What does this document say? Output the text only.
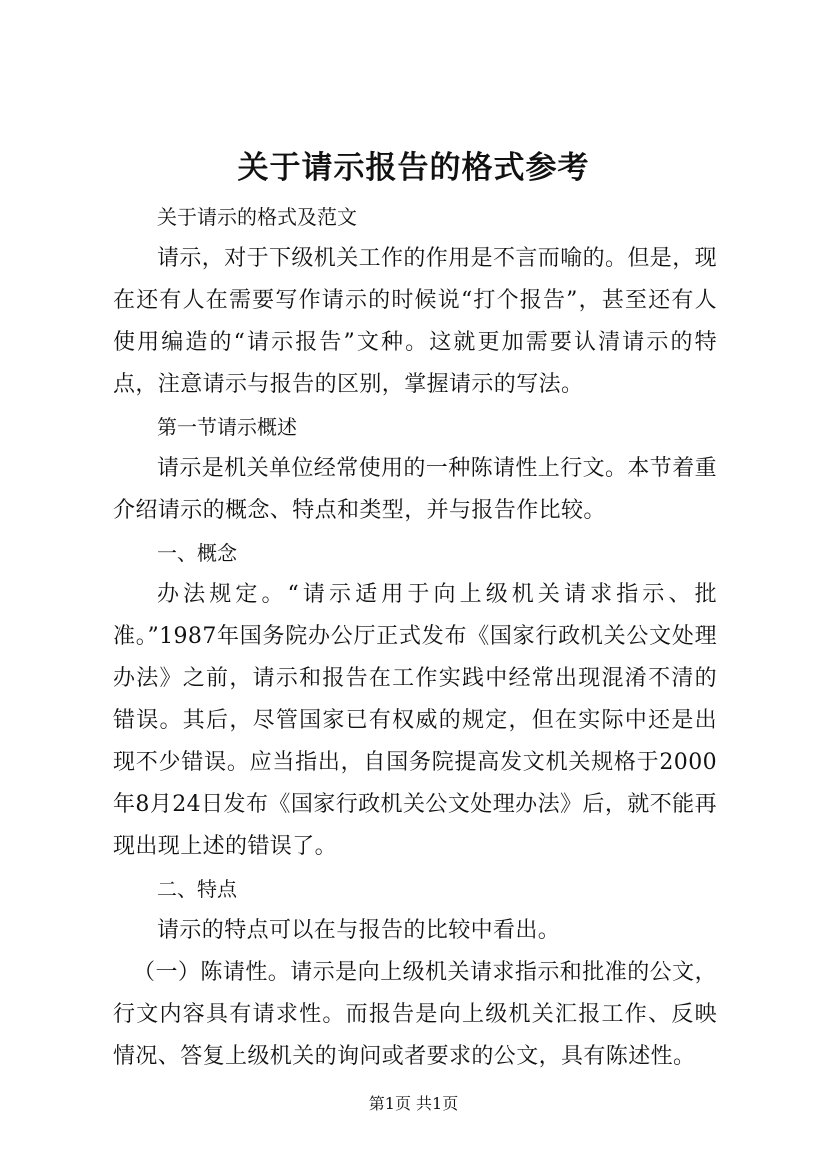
关于请示报告的格式参考

关于请示的格式及范文

请示，对于下级机关工作的作用是不言而喻的。但是，现在还有人在需要写作请示的时候说“打个报告”，甚至还有人使用编造的“请示报告”文种。这就更加需要认清请示的特点，注意请示与报告的区别，掌握请示的写法。

第一节请示概述

请示是机关单位经常使用的一种陈请性上行文。本节着重介绍请示的概念、特点和类型，并与报告作比较。

一、概念

办法规定。“请示适用于向上级机关请求指示、批准。”1987年国务院办公厅正式发布《国家行政机关公文处理办法》之前，请示和报告在工作实践中经常出现混淆不清的错误。其后，尽管国家已有权威的规定，但在实际中还是出现不少错误。应当指出，自国务院提高发文机关规格于2000年8月24日发布《国家行政机关公文处理办法》后，就不能再现出现上述的错误了。

二、特点

请示的特点可以在与报告的比较中看出。

（一）陈请性。请示是向上级机关请求指示和批准的公文，行文内容具有请求性。而报告是向上级机关汇报工作、反映情况、答复上级机关的询问或者要求的公文，具有陈述性。

第1页 共1页
